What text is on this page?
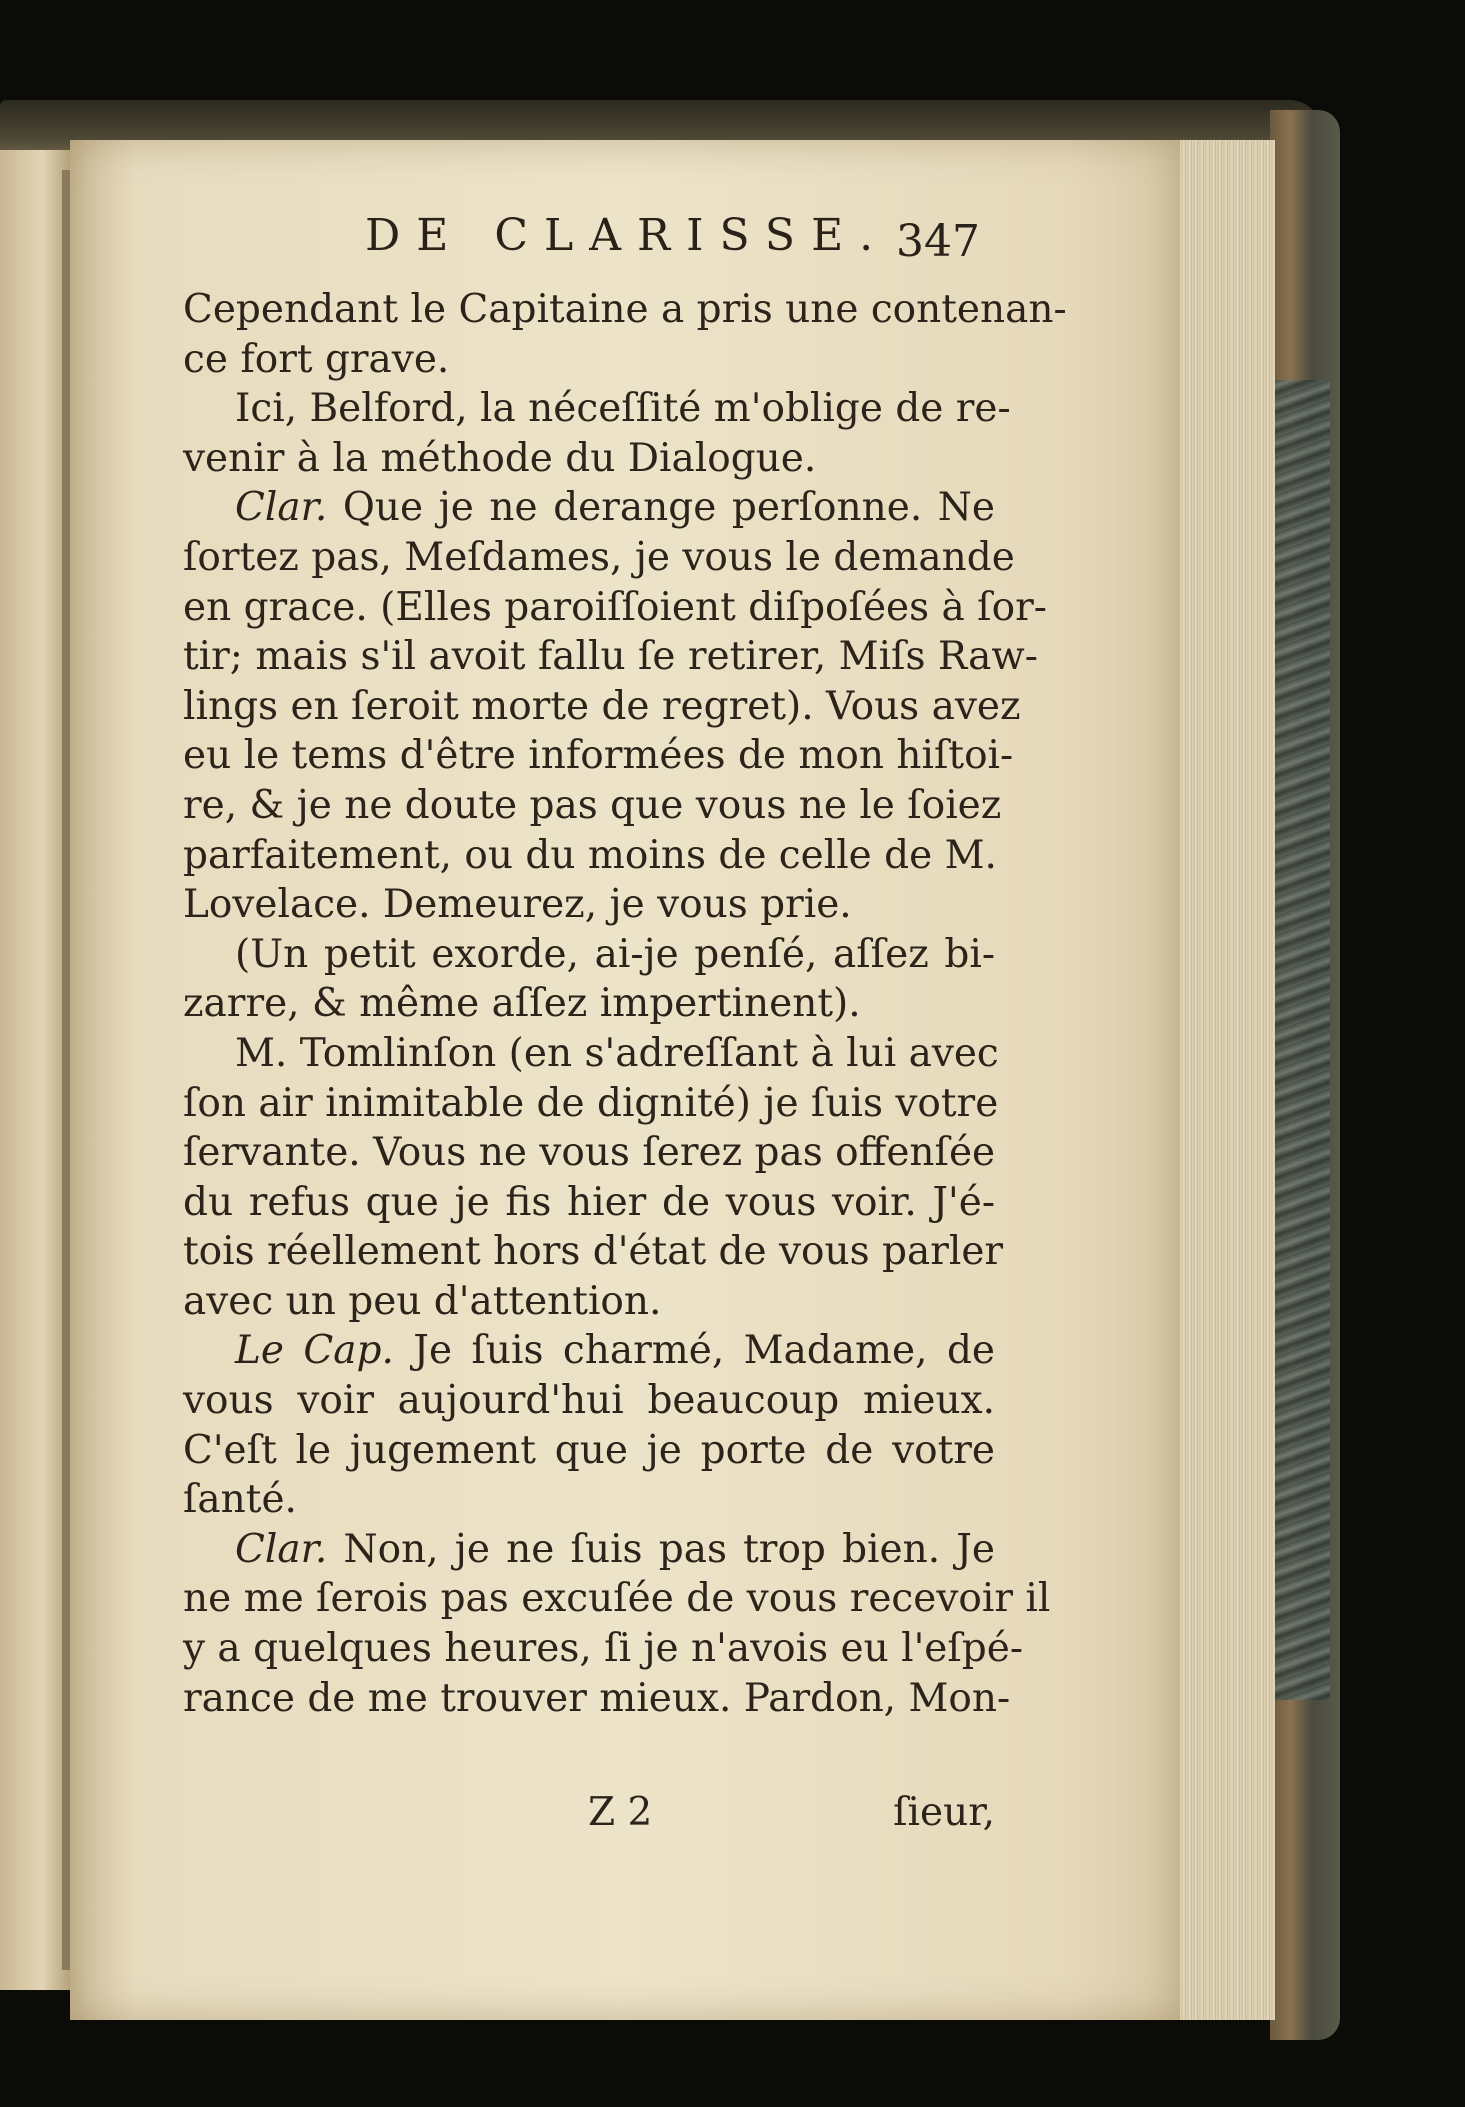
DE CLARISSE. 347
Cependant le Capitaine a pris une contenan-
ce fort grave.
Ici, Belford, la néceſſité m'oblige de re-
venir à la méthode du Dialogue.
Clar. Que je ne derange perſonne. Ne
ſortez pas, Meſdames, je vous le demande
en grace. (Elles paroiſſoient diſpoſées à ſor-
tir; mais s'il avoit fallu ſe retirer, Miſs Raw-
lings en ſeroit morte de regret). Vous avez
eu le tems d'être informées de mon hiſtoi-
re, & je ne doute pas que vous ne le ſoiez
parfaitement, ou du moins de celle de M.
Lovelace. Demeurez, je vous prie.
(Un petit exorde, ai-je penſé, aſſez bi-
zarre, & même aſſez impertinent).
M. Tomlinſon (en s'adreſſant à lui avec
ſon air inimitable de dignité) je ſuis votre
ſervante. Vous ne vous ſerez pas offenſée
du refus que je fis hier de vous voir. J'é-
tois réellement hors d'état de vous parler
avec un peu d'attention.
Le Cap. Je ſuis charmé, Madame, de
vous voir aujourd'hui beaucoup mieux.
C'eſt le jugement que je porte de votre
ſanté.
Clar. Non, je ne ſuis pas trop bien. Je
ne me ſerois pas excuſée de vous recevoir il
y a quelques heures, ſi je n'avois eu l'eſpé-
rance de me trouver mieux. Pardon, Mon-
Z 2	ſieur,
